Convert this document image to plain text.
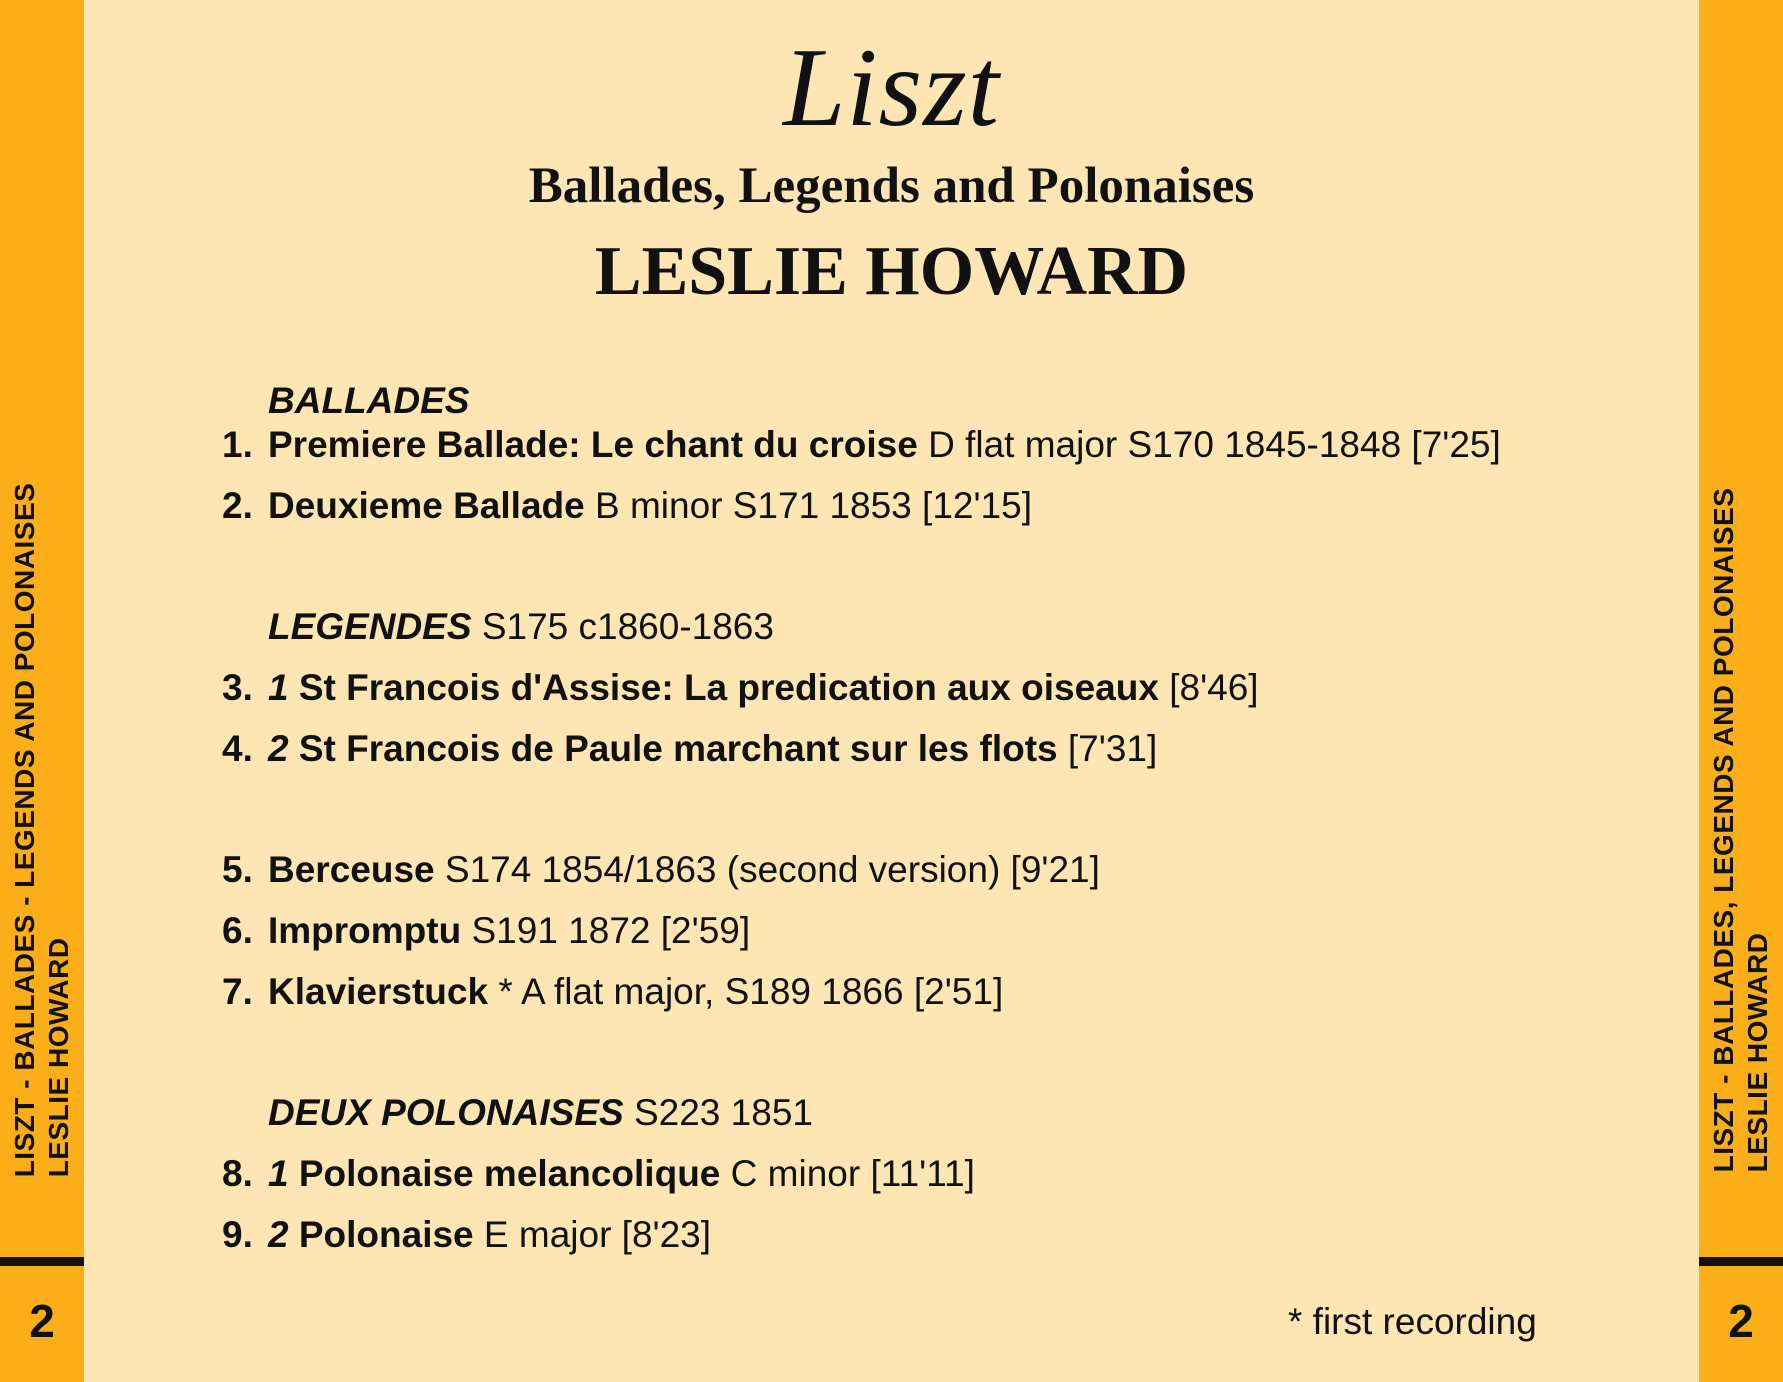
LISZT - BALLADES - LEGENDS AND POLONAISES LESLIE HOWARD
2
LISZT - BALLADES, LEGENDS AND POLONAISES LESLIE HOWARD
2
Liszt
Ballades, Legends and Polonaises
LESLIE HOWARD
BALLADES
1. Premiere Ballade: Le chant du croise D flat major S170 1845-1848 [7'25]
2. Deuxieme Ballade B minor S171 1853 [12'15]
LEGENDES S175 c1860-1863
3. 1 St Francois d'Assise: La predication aux oiseaux [8'46]
4. 2 St Francois de Paule marchant sur les flots [7'31]
5. Berceuse S174 1854/1863 (second version) [9'21]
6. Impromptu S191 1872 [2'59]
7. Klavierstuck * A flat major, S189 1866 [2'51]
DEUX POLONAISES S223 1851
8. 1 Polonaise melancolique C minor [11'11]
9. 2 Polonaise E major [8'23]
* first recording
